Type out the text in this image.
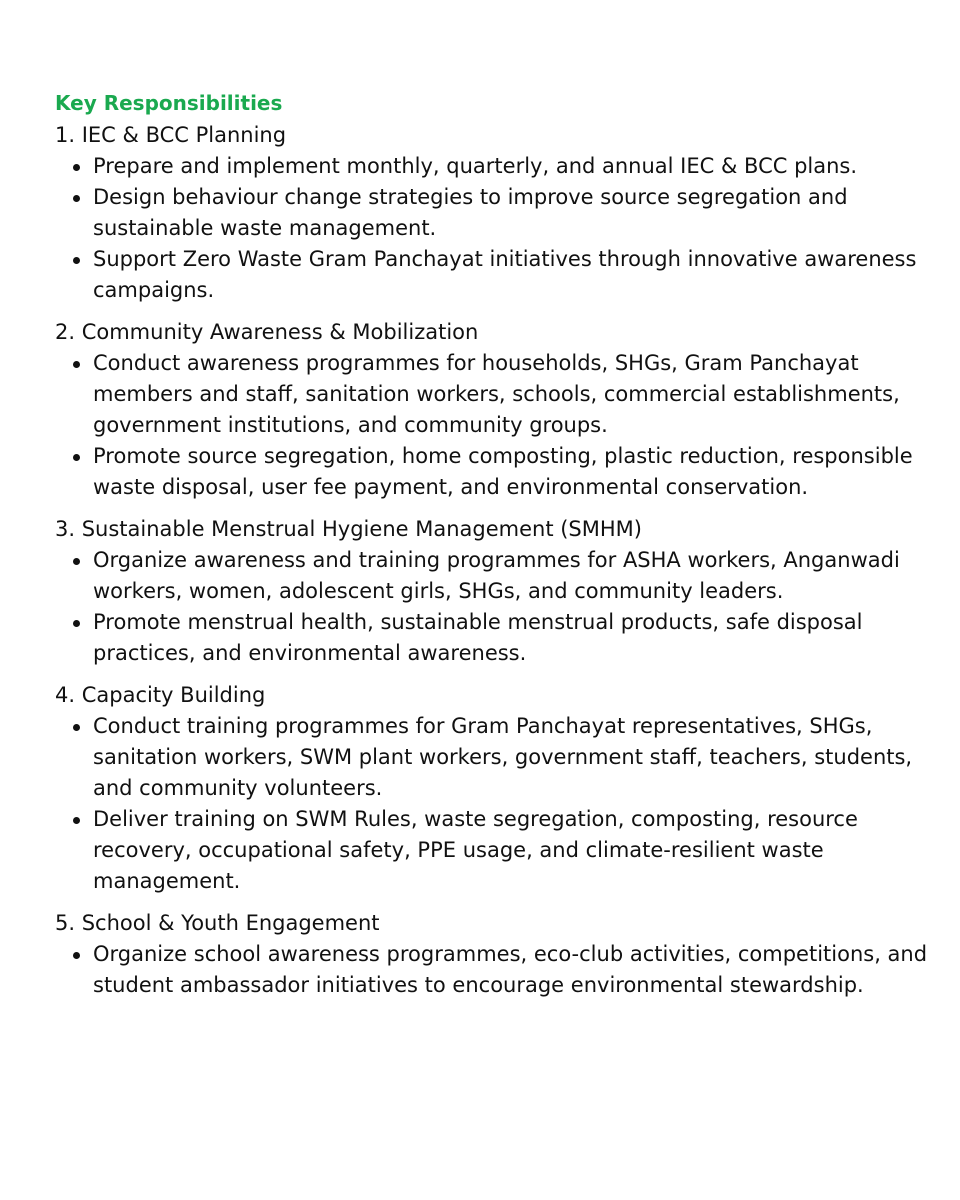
Key Responsibilities
1. IEC & BCC Planning
Prepare and implement monthly, quarterly, and annual IEC & BCC plans.
Design behaviour change strategies to improve source segregation and sustainable waste management.
Support Zero Waste Gram Panchayat initiatives through innovative awareness campaigns.
2. Community Awareness & Mobilization
Conduct awareness programmes for households, SHGs, Gram Panchayat members and staff, sanitation workers, schools, commercial establishments, government institutions, and community groups.
Promote source segregation, home composting, plastic reduction, responsible waste disposal, user fee payment, and environmental conservation.
3. Sustainable Menstrual Hygiene Management (SMHM)
Organize awareness and training programmes for ASHA workers, Anganwadi workers, women, adolescent girls, SHGs, and community leaders.
Promote menstrual health, sustainable menstrual products, safe disposal practices, and environmental awareness.
4. Capacity Building
Conduct training programmes for Gram Panchayat representatives, SHGs, sanitation workers, SWM plant workers, government staff, teachers, students, and community volunteers.
Deliver training on SWM Rules, waste segregation, composting, resource recovery, occupational safety, PPE usage, and climate-resilient waste management.
5. School & Youth Engagement
Organize school awareness programmes, eco-club activities, competitions, and student ambassador initiatives to encourage environmental stewardship.
